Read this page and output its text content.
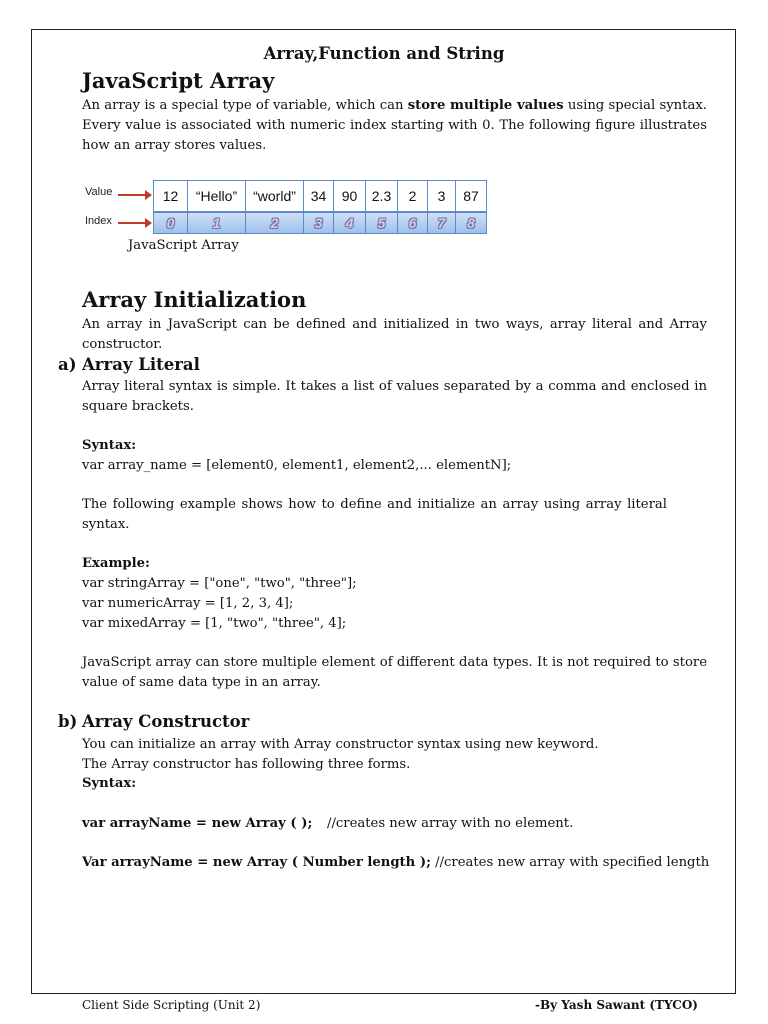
Array,Function and String
JavaScript Array
An array is a special type of variable, which can store multiple values using special syntax. Every value is associated with numeric index starting with 0. The following figure illustrates how an array stores values.
Value
Index
12	“Hello”	“world”	34	90	2.3	2	3	87
0	1	2	3	4	5	6	7	8
JavaScript Array
Array Initialization
An array in JavaScript can be defined and initialized in two ways, array literal and Array constructor.
a) Array Literal
Array literal syntax is simple. It takes a list of values separated by a comma and enclosed in square brackets.
Syntax:
var array_name = [element0, element1, element2,... elementN];
The following example shows how to define and initialize an array using array literal syntax.
Example:
var stringArray = ["one", "two", "three"];
var numericArray = [1, 2, 3, 4];
var mixedArray = [1, "two", "three", 4];
JavaScript array can store multiple element of different data types. It is not required to store value of same data type in an array.
b) Array Constructor
You can initialize an array with Array constructor syntax using new keyword.
The Array constructor has following three forms.
Syntax:
var arrayName = new Array ( ); //creates new array with no element.
Var arrayName = new Array ( Number length ); //creates new array with specified length
Client Side Scripting (Unit 2)	-By Yash Sawant (TYCO)
